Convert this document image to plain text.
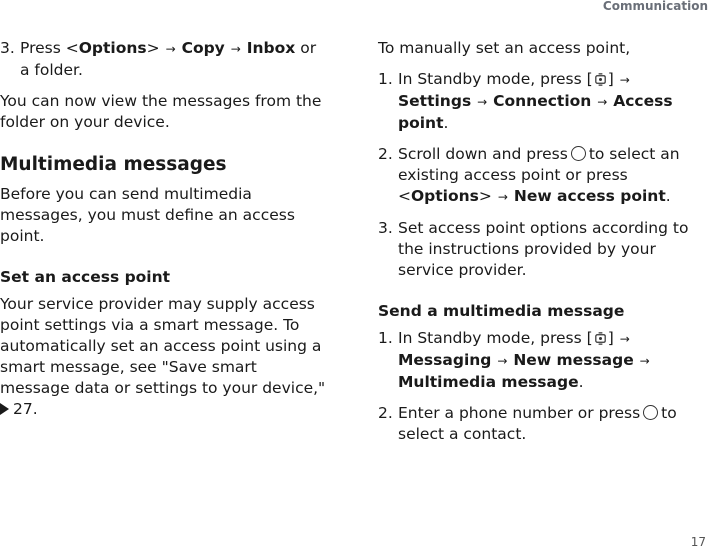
Communication
3. Press <Options> → Copy → Inbox or a folder.

You can now view the messages from the folder on your device.

Multimedia messages

Before you can send multimedia messages, you must define an access point.

Set an access point

Your service provider may supply access point settings via a smart message. To automatically set an access point using a smart message, see "Save smart message data or settings to your device," 27.

To manually set an access point,

1. In Standby mode, press [ ] → Settings → Connection → Access point.
2. Scroll down and press to select an existing access point or press <Options> → New access point.
3. Set access point options according to the instructions provided by your service provider.
Send a multimedia message
1. In Standby mode, press [ ] → Messaging → New message → Multimedia message.
2. Enter a phone number or press to select a contact.
17
